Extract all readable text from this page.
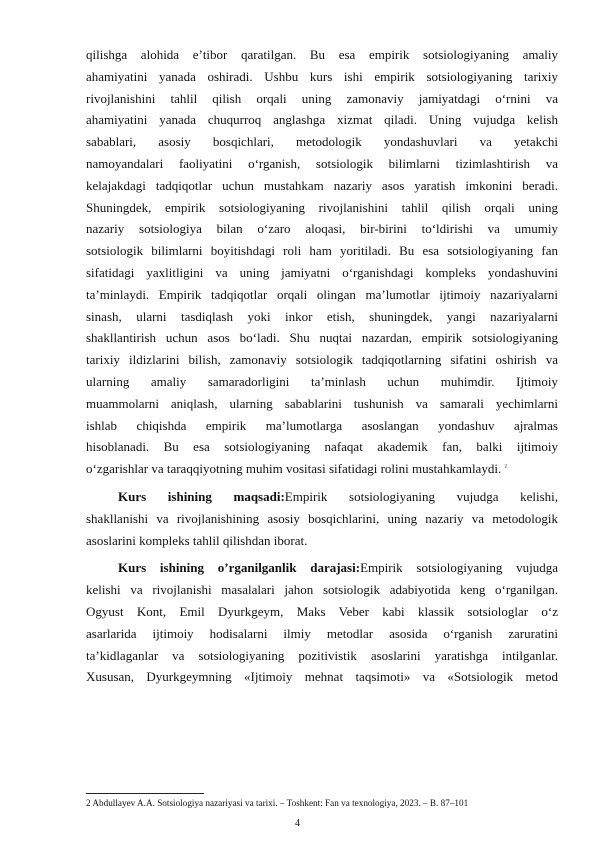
qilishga alohida eʼtibor qaratilgan. Bu esa empirik sotsiologiyaning amaliy
ahamiyatini yanada oshiradi. Ushbu kurs ishi empirik sotsiologiyaning tarixiy
rivojlanishini tahlil qilish orqali uning zamonaviy jamiyatdagi oʻrnini va
ahamiyatini yanada chuqurroq anglashga xizmat qiladi. Uning vujudga kelish
sabablari, asosiy bosqichlari, metodologik yondashuvlari va yetakchi
namoyandalari faoliyatini oʻrganish, sotsiologik bilimlarni tizimlashtirish va
kelajakdagi tadqiqotlar uchun mustahkam nazariy asos yaratish imkonini beradi.
Shuningdek, empirik sotsiologiyaning rivojlanishini tahlil qilish orqali uning
nazariy sotsiologiya bilan oʻzaro aloqasi, bir-birini toʻldirishi va umumiy
sotsiologik bilimlarni boyitishdagi roli ham yoritiladi. Bu esa sotsiologiyaning fan
sifatidagi yaxlitligini va uning jamiyatni oʻrganishdagi kompleks yondashuvini
taʼminlaydi. Empirik tadqiqotlar orqali olingan maʼlumotlar ijtimoiy nazariyalarni
sinash, ularni tasdiqlash yoki inkor etish, shuningdek, yangi nazariyalarni
shakllantirish uchun asos boʻladi. Shu nuqtai nazardan, empirik sotsiologiyaning
tarixiy ildizlarini bilish, zamonaviy sotsiologik tadqiqotlarning sifatini oshirish va
ularning amaliy samaradorligini taʼminlash uchun muhimdir. Ijtimoiy
muammolarni aniqlash, ularning sabablarini tushunish va samarali yechimlarni
ishlab chiqishda empirik maʼlumotlarga asoslangan yondashuv ajralmas
hisoblanadi. Bu esa sotsiologiyaning nafaqat akademik fan, balki ijtimoiy
oʻzgarishlar va taraqqiyotning muhim vositasi sifatidagi rolini mustahkamlaydi. $^2$
Kurs ishining maqsadi:Empirik sotsiologiyaning vujudga kelishi,
shakllanishi va rivojlanishining asosiy bosqichlarini, uning nazariy va metodologik
asoslarini kompleks tahlil qilishdan iborat.
Kurs ishining o’rganilganlik darajasi:Empirik sotsiologiyaning vujudga
kelishi va rivojlanishi masalalari jahon sotsiologik adabiyotida keng oʻrganilgan.
Ogyust Kont, Emil Dyurkgeym, Maks Veber kabi klassik sotsiologlar oʻz
asarlarida ijtimoiy hodisalarni ilmiy metodlar asosida oʻrganish zaruratini
taʼkidlaganlar va sotsiologiyaning pozitivistik asoslarini yaratishga intilganlar.
Xususan, Dyurkgeymning «Ijtimoiy mehnat taqsimoti» va «Sotsiologik metod
2 Abdullayev A.A. Sotsiologiya nazariyasi va tarixi. – Toshkent: Fan va texnologiya, 2023. – B. 87–101
4
